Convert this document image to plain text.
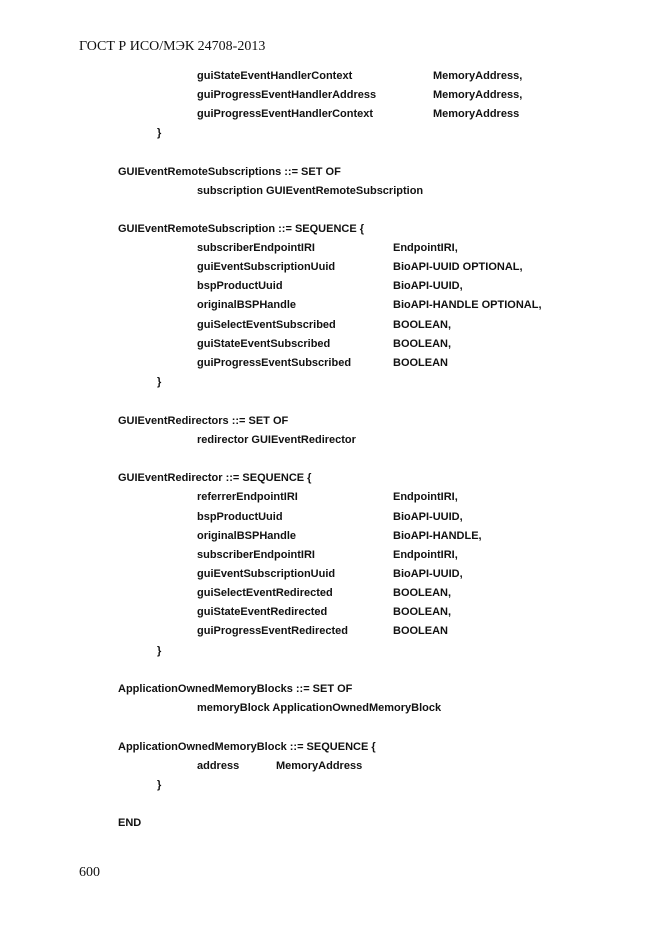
ГОСТ Р ИСО/МЭК 24708-2013
guiStateEventHandlerContext	MemoryAddress,
guiProgressEventHandlerAddress	MemoryAddress,
guiProgressEventHandlerContext	MemoryAddress
}
GUIEventRemoteSubscriptions ::= SET OF
subscription GUIEventRemoteSubscription
GUIEventRemoteSubscription ::= SEQUENCE {
subscriberEndpointIRI	EndpointIRI,
guiEventSubscriptionUuid	BioAPI-UUID OPTIONAL,
bspProductUuid	BioAPI-UUID,
originalBSPHandle	BioAPI-HANDLE OPTIONAL,
guiSelectEventSubscribed	BOOLEAN,
guiStateEventSubscribed	BOOLEAN,
guiProgressEventSubscribed	BOOLEAN
}
GUIEventRedirectors ::= SET OF
redirector GUIEventRedirector
GUIEventRedirector ::= SEQUENCE {
referrerEndpointIRI	EndpointIRI,
bspProductUuid	BioAPI-UUID,
originalBSPHandle	BioAPI-HANDLE,
subscriberEndpointIRI	EndpointIRI,
guiEventSubscriptionUuid	BioAPI-UUID,
guiSelectEventRedirected	BOOLEAN,
guiStateEventRedirected	BOOLEAN,
guiProgressEventRedirected	BOOLEAN
}
ApplicationOwnedMemoryBlocks ::= SET OF
memoryBlock ApplicationOwnedMemoryBlock
ApplicationOwnedMemoryBlock ::= SEQUENCE {
address	MemoryAddress
}
END
600
